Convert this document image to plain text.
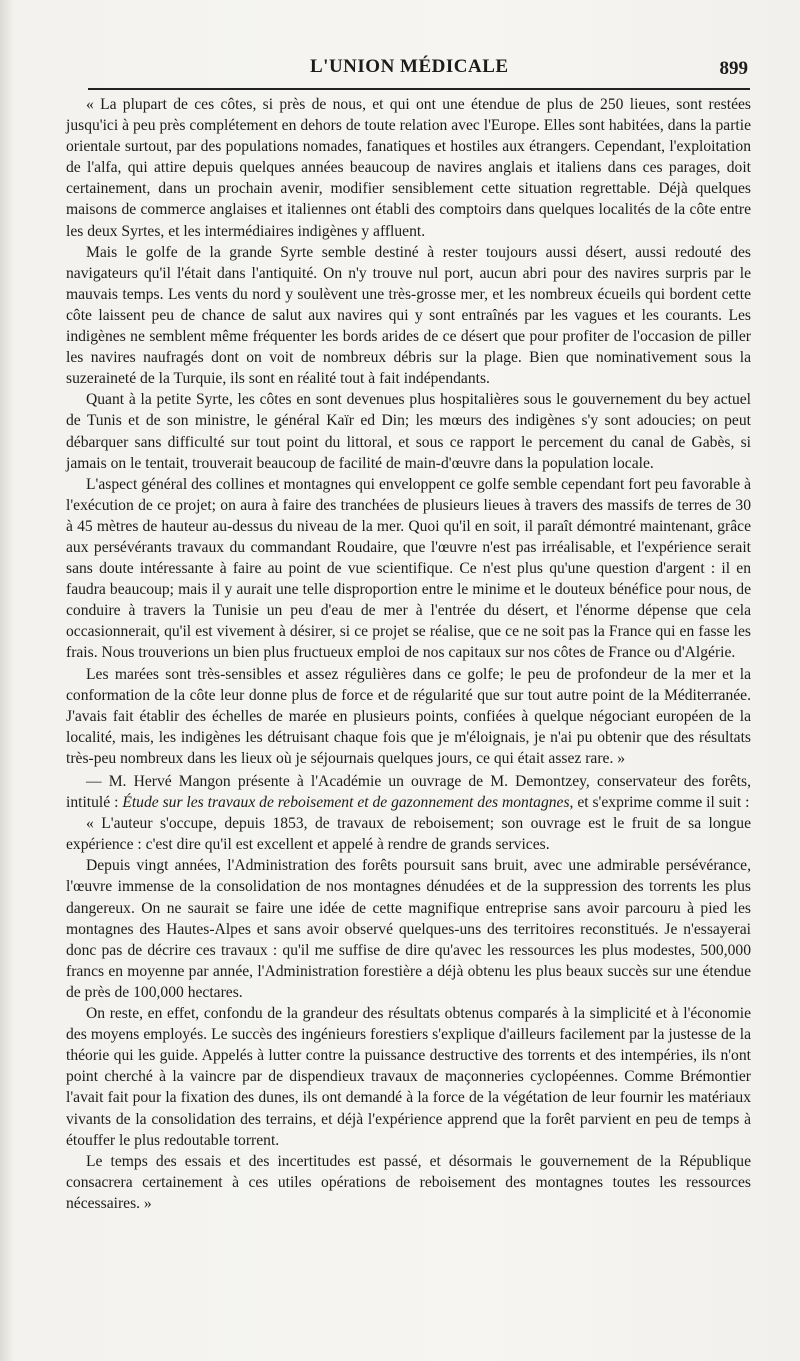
L'UNION MÉDICALE	899

« La plupart de ces côtes, si près de nous, et qui ont une étendue de plus de 250 lieues, sont restées jusqu'ici à peu près complétement en dehors de toute relation avec l'Europe. Elles sont habitées, dans la partie orientale surtout, par des populations nomades, fanatiques et hostiles aux étrangers. Cependant, l'exploitation de l'alfa, qui attire depuis quelques années beaucoup de navires anglais et italiens dans ces parages, doit certainement, dans un prochain avenir, modifier sensiblement cette situation regrettable. Déjà quelques maisons de commerce anglaises et italiennes ont établi des comptoirs dans quelques localités de la côte entre les deux Syrtes, et les intermédiaires indigènes y affluent.

Mais le golfe de la grande Syrte semble destiné à rester toujours aussi désert, aussi redouté des navigateurs qu'il l'était dans l'antiquité. On n'y trouve nul port, aucun abri pour des navires surpris par le mauvais temps. Les vents du nord y soulèvent une très-grosse mer, et les nombreux écueils qui bordent cette côte laissent peu de chance de salut aux navires qui y sont entraînés par les vagues et les courants. Les indigènes ne semblent même fréquenter les bords arides de ce désert que pour profiter de l'occasion de piller les navires naufragés dont on voit de nombreux débris sur la plage. Bien que nominativement sous la suzeraineté de la Turquie, ils sont en réalité tout à fait indépendants.

Quant à la petite Syrte, les côtes en sont devenues plus hospitalières sous le gouvernement du bey actuel de Tunis et de son ministre, le général Kaïr ed Din; les mœurs des indigènes s'y sont adoucies; on peut débarquer sans difficulté sur tout point du littoral, et sous ce rapport le percement du canal de Gabès, si jamais on le tentait, trouverait beaucoup de facilité de main-d'œuvre dans la population locale.

L'aspect général des collines et montagnes qui enveloppent ce golfe semble cependant fort peu favorable à l'exécution de ce projet; on aura à faire des tranchées de plusieurs lieues à travers des massifs de terres de 30 à 45 mètres de hauteur au-dessus du niveau de la mer. Quoi qu'il en soit, il paraît démontré maintenant, grâce aux persévérants travaux du commandant Roudaire, que l'œuvre n'est pas irréalisable, et l'expérience serait sans doute intéressante à faire au point de vue scientifique. Ce n'est plus qu'une question d'argent : il en faudra beaucoup; mais il y aurait une telle disproportion entre le minime et le douteux bénéfice pour nous, de conduire à travers la Tunisie un peu d'eau de mer à l'entrée du désert, et l'énorme dépense que cela occasionnerait, qu'il est vivement à désirer, si ce projet se réalise, que ce ne soit pas la France qui en fasse les frais. Nous trouverions un bien plus fructueux emploi de nos capitaux sur nos côtes de France ou d'Algérie.

Les marées sont très-sensibles et assez régulières dans ce golfe; le peu de profondeur de la mer et la conformation de la côte leur donne plus de force et de régularité que sur tout autre point de la Méditerranée. J'avais fait établir des échelles de marée en plusieurs points, confiées à quelque négociant européen de la localité, mais, les indigènes les détruisant chaque fois que je m'éloignais, je n'ai pu obtenir que des résultats très-peu nombreux dans les lieux où je séjournais quelques jours, ce qui était assez rare. »

— M. Hervé Mangon présente à l'Académie un ouvrage de M. Demontzey, conservateur des forêts, intitulé : Étude sur les travaux de reboisement et de gazonnement des montagnes, et s'exprime comme il suit :

« L'auteur s'occupe, depuis 1853, de travaux de reboisement; son ouvrage est le fruit de sa longue expérience : c'est dire qu'il est excellent et appelé à rendre de grands services.

Depuis vingt années, l'Administration des forêts poursuit sans bruit, avec une admirable persévérance, l'œuvre immense de la consolidation de nos montagnes dénudées et de la suppression des torrents les plus dangereux. On ne saurait se faire une idée de cette magnifique entreprise sans avoir parcouru à pied les montagnes des Hautes-Alpes et sans avoir observé quelques-uns des territoires reconstitués. Je n'essayerai donc pas de décrire ces travaux : qu'il me suffise de dire qu'avec les ressources les plus modestes, 500,000 francs en moyenne par année, l'Administration forestière a déjà obtenu les plus beaux succès sur une étendue de près de 100,000 hectares.

On reste, en effet, confondu de la grandeur des résultats obtenus comparés à la simplicité et à l'économie des moyens employés. Le succès des ingénieurs forestiers s'explique d'ailleurs facilement par la justesse de la théorie qui les guide. Appelés à lutter contre la puissance destructive des torrents et des intempéries, ils n'ont point cherché à la vaincre par de dispendieux travaux de maçonneries cyclopéennes. Comme Brémontier l'avait fait pour la fixation des dunes, ils ont demandé à la force de la végétation de leur fournir les matériaux vivants de la consolidation des terrains, et déjà l'expérience apprend que la forêt parvient en peu de temps à étouffer le plus redoutable torrent.

Le temps des essais et des incertitudes est passé, et désormais le gouvernement de la République consacrera certainement à ces utiles opérations de reboisement des montagnes toutes les ressources nécessaires. »
